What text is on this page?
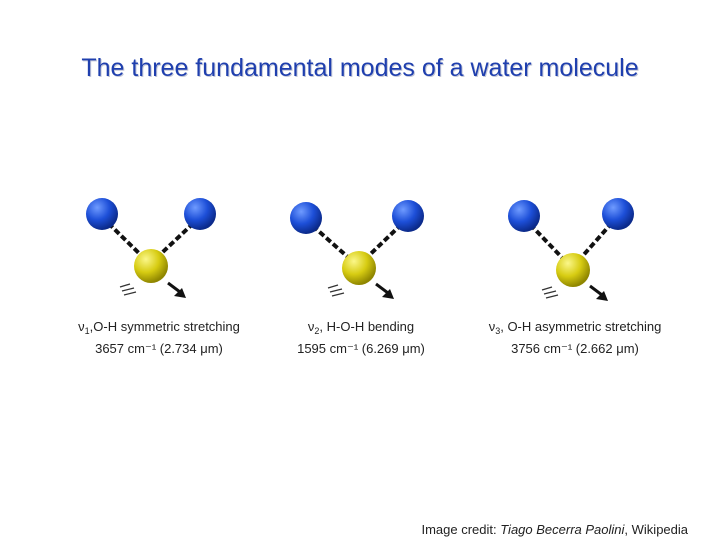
The three fundamental modes of a water molecule
$\nu_1,O-H$ symmetric stretching
3657 cm⁻¹ (2.734 μm)
$\nu_2$, H-O-H bending
1595 cm⁻¹ (6.269 μm)
$\nu_3$, O-H asymmetric stretching
3756 cm⁻¹ (2.662 μm)
Image credit: Tiago Becerra Paolini, Wikipedia
